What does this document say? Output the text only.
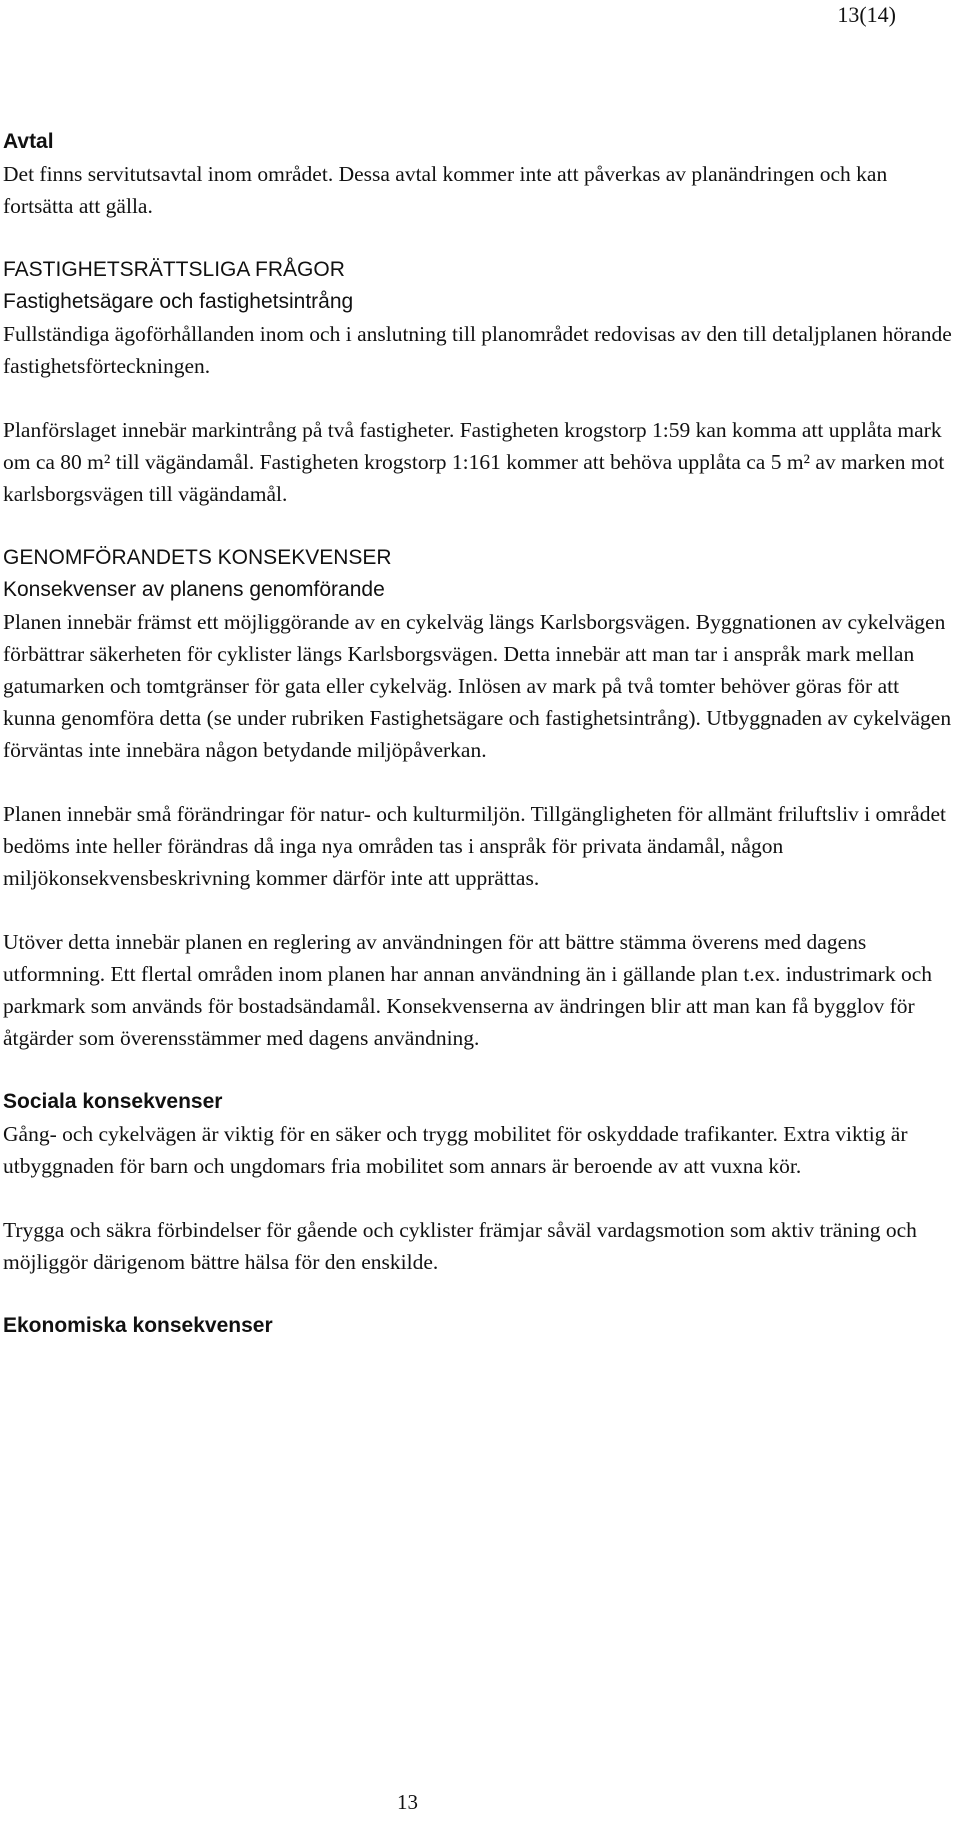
13(14)
Avtal

Det finns servitutsavtal inom området. Dessa avtal kommer inte att påverkas av planändringen och kan fortsätta att gälla.

FASTIGHETSRÄTTSLIGA FRÅGOR
Fastighetsägare och fastighetsintrång

Fullständiga ägoförhållanden inom och i anslutning till planområdet redovisas av den till detaljplanen hörande fastighetsförteckningen.

Planförslaget innebär markintrång på två fastigheter. Fastigheten krogstorp 1:59 kan komma att upplåta mark om ca 80 m² till vägändamål. Fastigheten krogstorp 1:161 kommer att behöva upplåta ca 5 m² av marken mot karlsborgsvägen till vägändamål.

GENOMFÖRANDETS KONSEKVENSER
Konsekvenser av planens genomförande

Planen innebär främst ett möjliggörande av en cykelväg längs Karlsborgsvägen. Byggnationen av cykelvägen förbättrar säkerheten för cyklister längs Karlsborgsvägen. Detta innebär att man tar i anspråk mark mellan gatumarken och tomtgränser för gata eller cykelväg. Inlösen av mark på två tomter behöver göras för att kunna genomföra detta (se under rubriken Fastighetsägare och fastighetsintrång). Utbyggnaden av cykelvägen förväntas inte innebära någon betydande miljöpåverkan.

Planen innebär små förändringar för natur- och kulturmiljön. Tillgängligheten för allmänt friluftsliv i området bedöms inte heller förändras då inga nya områden tas i anspråk för privata ändamål, någon miljökonsekvensbeskrivning kommer därför inte att upprättas.

Utöver detta innebär planen en reglering av användningen för att bättre stämma överens med dagens utformning. Ett flertal områden inom planen har annan användning än i gällande plan t.ex. industrimark och parkmark som används för bostadsändamål. Konsekvenserna av ändringen blir att man kan få bygglov för åtgärder som överensstämmer med dagens användning.

Sociala konsekvenser

Gång- och cykelvägen är viktig för en säker och trygg mobilitet för oskyddade trafikanter. Extra viktig är utbyggnaden för barn och ungdomars fria mobilitet som annars är beroende av att vuxna kör.

Trygga och säkra förbindelser för gående och cyklister främjar såväl vardagsmotion som aktiv träning och möjliggör därigenom bättre hälsa för den enskilde.

Ekonomiska konsekvenser
13
